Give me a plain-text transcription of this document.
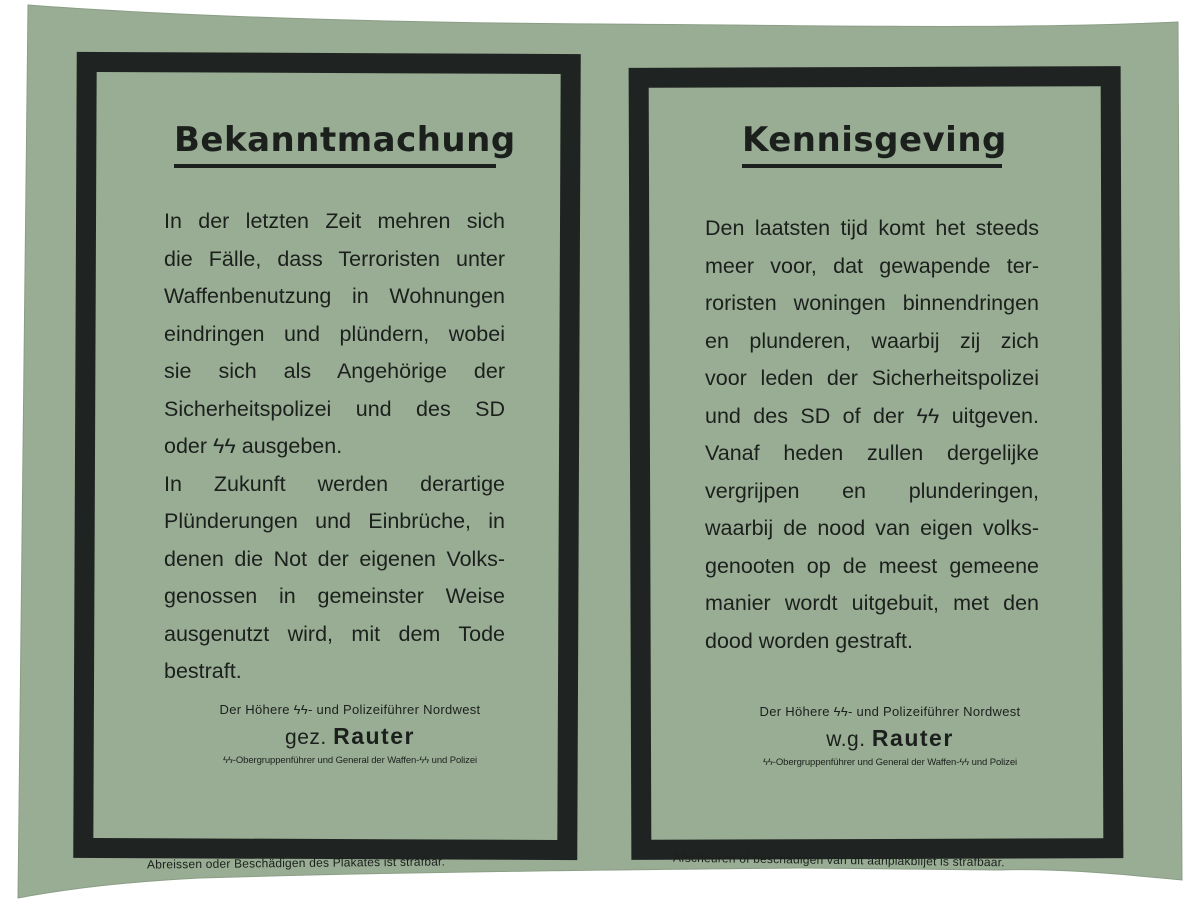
Bekanntmachung
In der letzten Zeit mehren sich
die Fälle, dass Terroristen unter
Waffenbenutzung in Wohnungen
eindringen und plündern, wobei
sie sich als Angehörige der
Sicherheitspolizei und des SD
oder ϟϟ ausgeben.
In Zukunft werden derartige
Plünderungen und Einbrüche, in
denen die Not der eigenen Volks-
genossen in gemeinster Weise
ausgenutzt wird, mit dem Tode
bestraft.
Der Höhere ϟϟ- und Polizeiführer Nordwest
gez. Rauter
ϟϟ-Obergruppenführer und General der Waffen-ϟϟ und Polizei
Abreissen oder Beschädigen des Plakates ist strafbar.
Kennisgeving
Den laatsten tijd komt het steeds
meer voor, dat gewapende ter-
roristen woningen binnendringen
en plunderen, waarbij zij zich
voor leden der Sicherheitspolizei
und des SD of der ϟϟ uitgeven.
Vanaf heden zullen dergelijke
vergrijpen en plunderingen,
waarbij de nood van eigen volks-
genooten op de meest gemeene
manier wordt uitgebuit, met den
dood worden gestraft.
Der Höhere ϟϟ- und Polizeiführer Nordwest
w.g. Rauter
ϟϟ-Obergruppenführer und General der Waffen-ϟϟ und Polizei
Afscheuren of beschadigen van dit aanplakbiljet is strafbaar.
